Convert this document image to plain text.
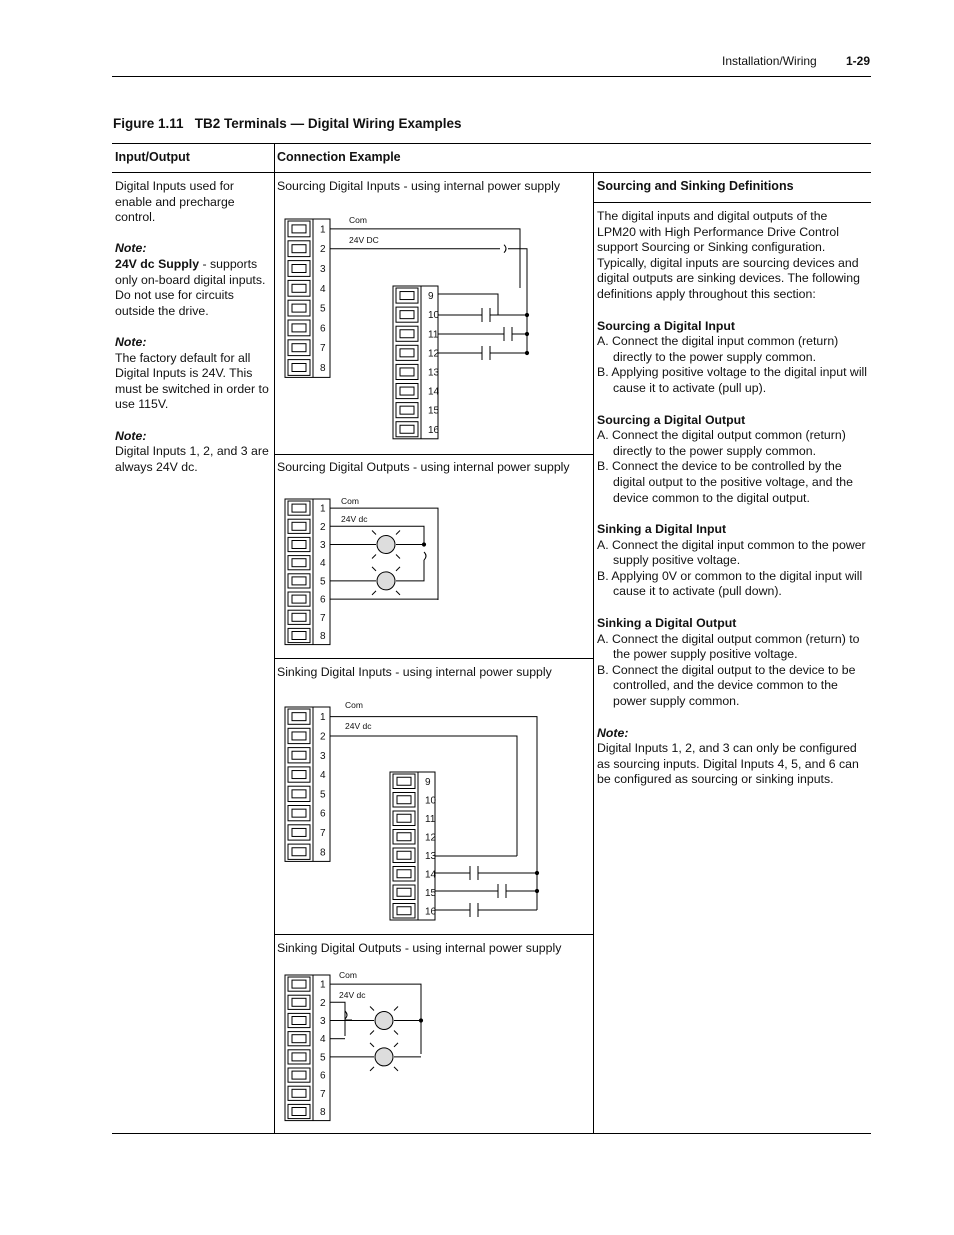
Installation/Wiring 1-29
Figure 1.11   TB2 Terminals — Digital Wiring Examples
Input/Output	Connection Example

Digital Inputs used for enable and precharge control.

Note:

24V dc Supply - supports only on-board digital inputs. Do not use for circuits outside the drive.

Note:

The factory default for all Digital Inputs is 24V. This must be switched in order to use 115V.

Note:

Digital Inputs 1, 2, and 3 are always 24V dc.

Sourcing Digital Inputs - using internal power supply
Sourcing Digital Outputs - using internal power supply
Sinking Digital Inputs - using internal power supply
Sinking Digital Outputs - using internal power supply
1
2
3
4
5
6
7
8
9
10
11
12
13
14
15
16
1
2
3
4
5
6
7
8
1
2
3
4
5
6
7
8
9
10
11
12
13
14
15
16
1
2
3
4
5
6
7
8
Com
24V DC
Com
24V dc
Com
24V dc
Com
24V dc
Sourcing and Sinking Definitions

The digital inputs and digital outputs of the LPM20 with High Performance Drive Control support Sourcing or Sinking configuration. Typically, digital inputs are sourcing devices and digital outputs are sinking devices. The following definitions apply throughout this section:

Sourcing a Digital Input

A. Connect the digital input common (return) directly to the power supply common.

B. Applying positive voltage to the digital input will cause it to activate (pull up).

Sourcing a Digital Output

A. Connect the digital output common (return) directly to the power supply common.

B. Connect the device to be controlled by the digital output to the positive voltage, and the device common to the digital output.

Sinking a Digital Input

A. Connect the digital input common to the power supply positive voltage.

B. Applying 0V or common to the digital input will cause it to activate (pull down).

Sinking a Digital Output

A. Connect the digital output common (return) to the power supply positive voltage.

B. Connect the digital output to the device to be controlled, and the device common to the power supply common.

Note:

Digital Inputs 1, 2, and 3 can only be configured as sourcing inputs. Digital Inputs 4, 5, and 6 can be configured as sourcing or sinking inputs.
